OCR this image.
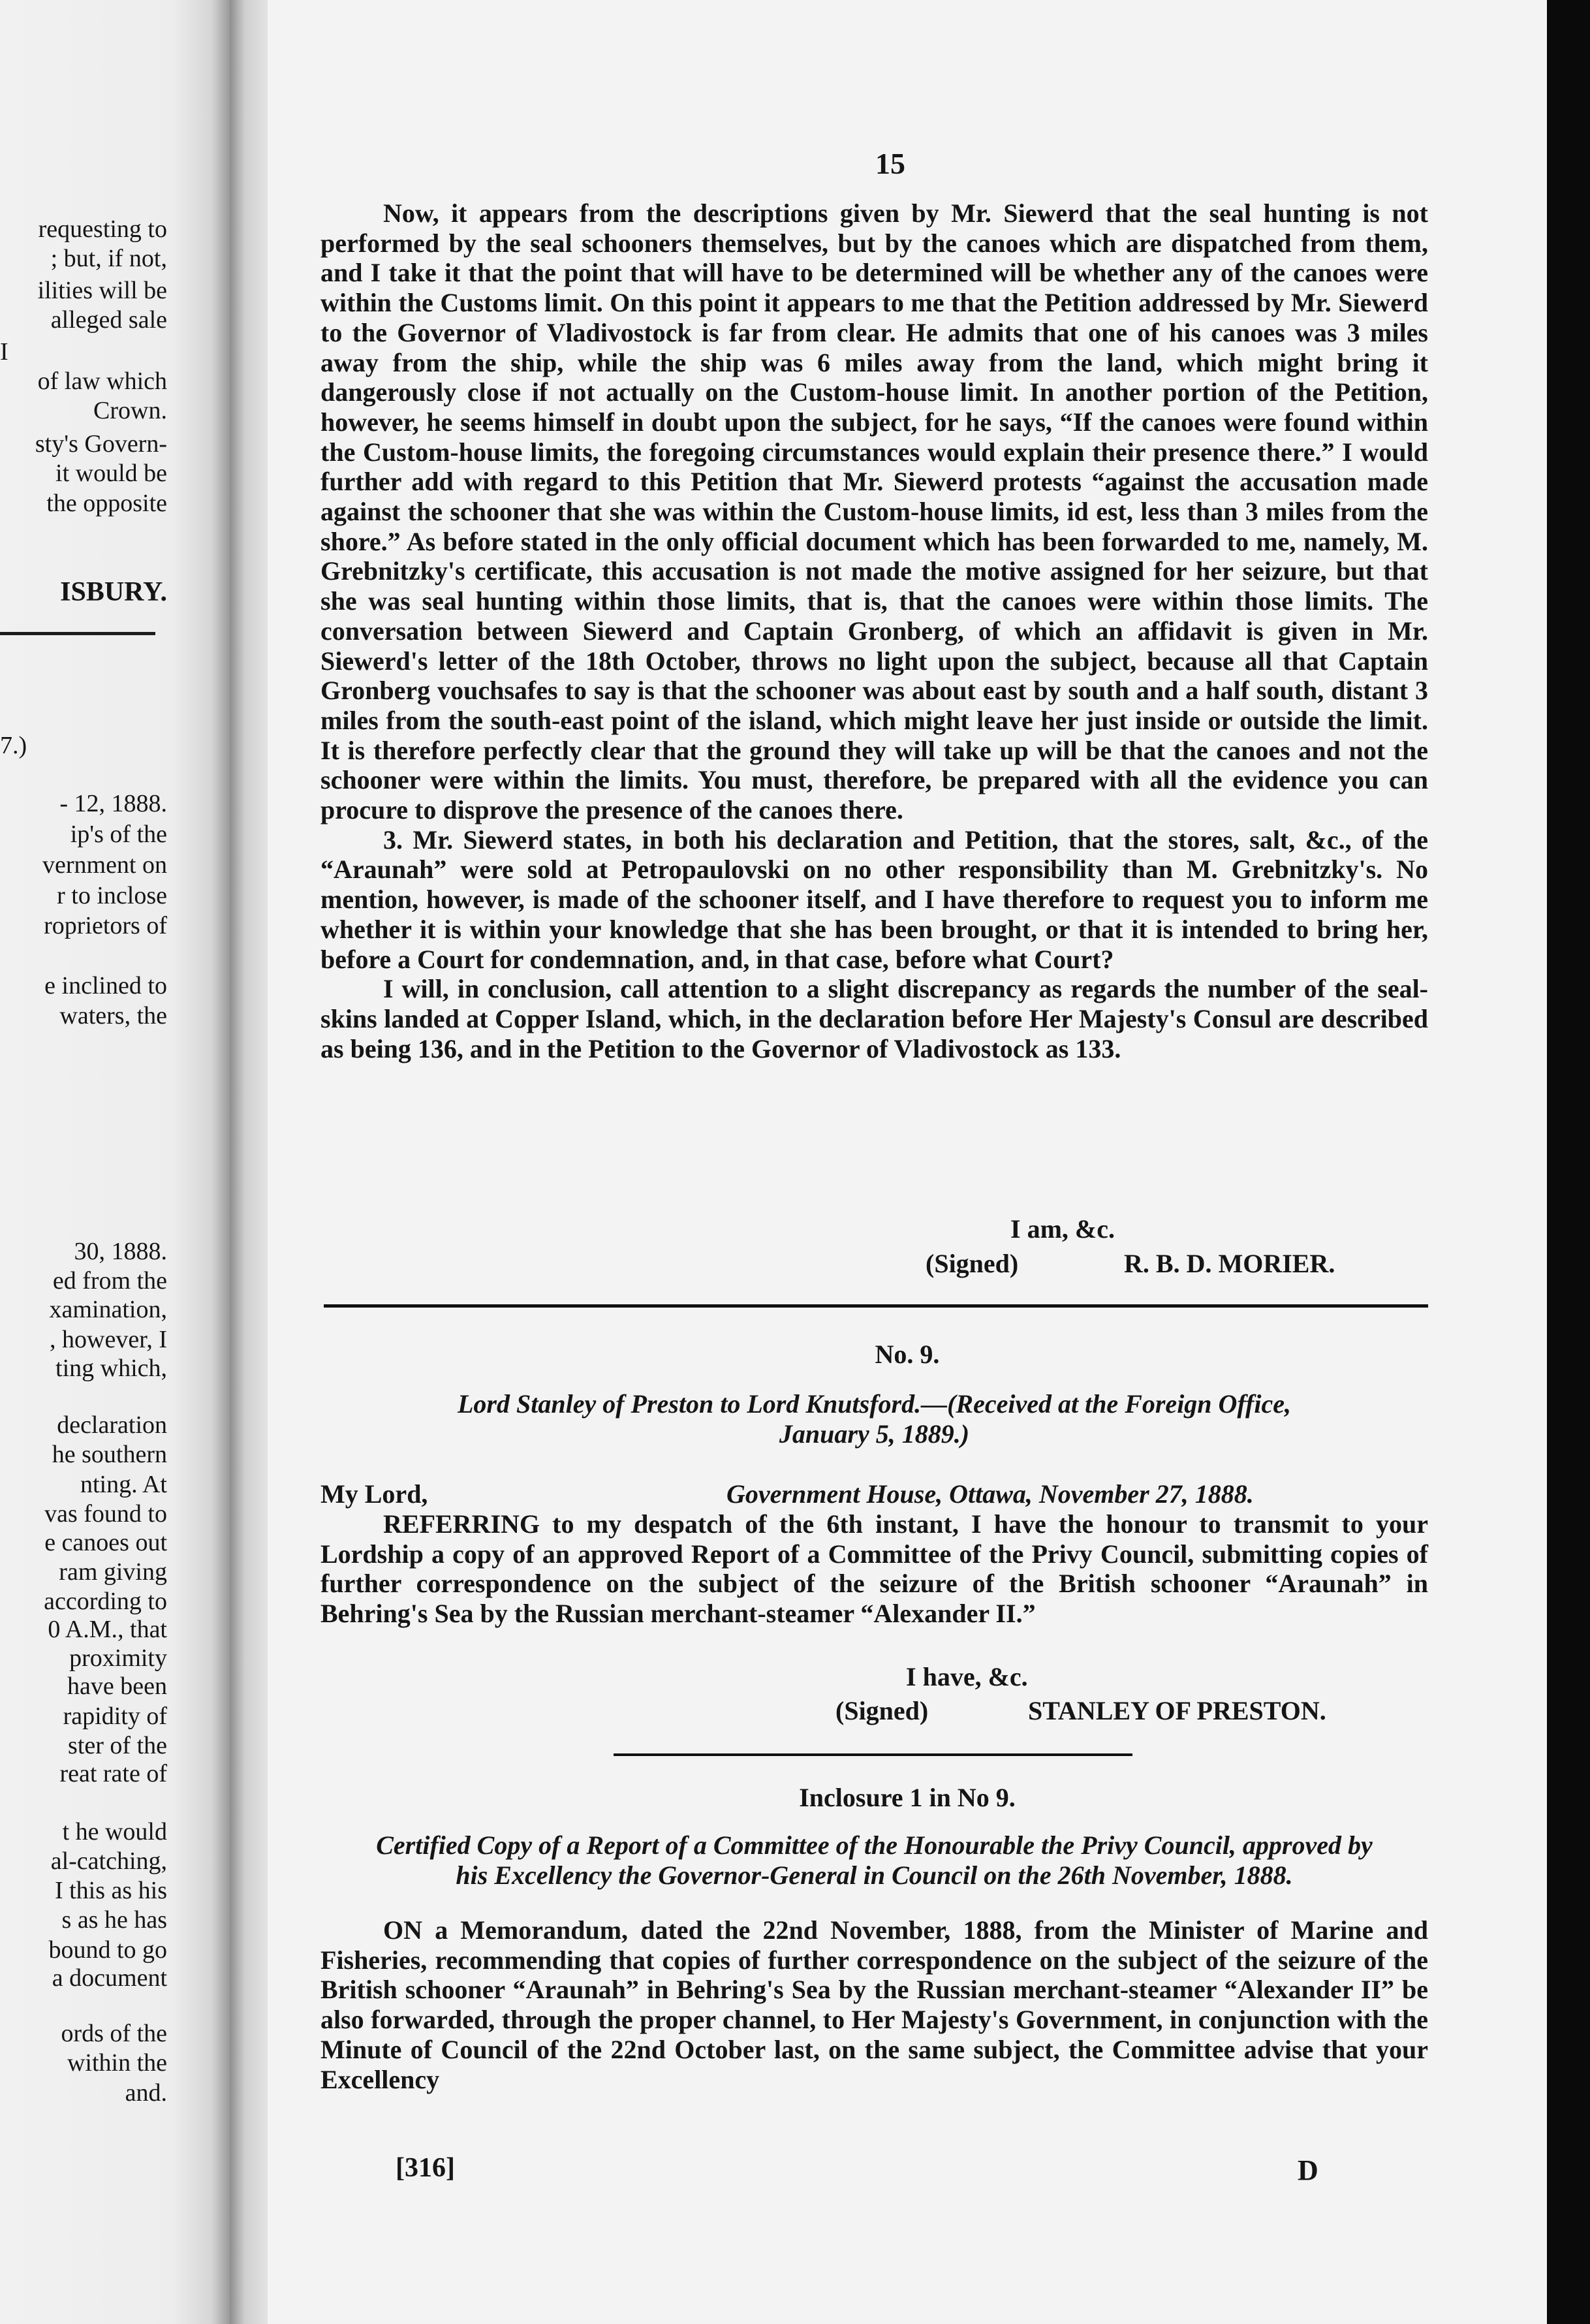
requesting to
; but, if not,
ilities will be
alleged sale
I
of law which
Crown.
sty's Govern-
it would be
the opposite
ISBURY.
7.)
- 12, 1888.
ip's of the
vernment on
r to inclose
roprietors of
e inclined to
waters, the
30, 1888.
ed from the
xamination,
, however, I
ting which,
declaration
he southern
nting. At
vas found to
e canoes out
ram giving
according to
0 A.M., that
proximity
have been
rapidity of
ster of the
reat rate of
t he would
al-catching,
I this as his
s as he has
bound to go
a document
ords of the
within the
and.
15

Now, it appears from the descriptions given by Mr. Siewerd that the seal hunting is not performed by the seal schooners themselves, but by the canoes which are dispatched from them, and I take it that the point that will have to be determined will be whether any of the canoes were within the Customs limit. On this point it appears to me that the Petition addressed by Mr. Siewerd to the Governor of Vladivostock is far from clear. He admits that one of his canoes was 3 miles away from the ship, while the ship was 6 miles away from the land, which might bring it dangerously close if not actually on the Custom-house limit. In another portion of the Petition, however, he seems himself in doubt upon the subject, for he says, “If the canoes were found within the Custom-house limits, the foregoing circumstances would explain their presence there.” I would further add with regard to this Petition that Mr. Siewerd protests “against the accusation made against the schooner that she was within the Custom-house limits, id est, less than 3 miles from the shore.” As before stated in the only official document which has been forwarded to me, namely, M. Grebnitzky's certificate, this accusation is not made the motive assigned for her seizure, but that she was seal hunting within those limits, that is, that the canoes were within those limits. The conversation between Siewerd and Captain Gronberg, of which an affidavit is given in Mr. Siewerd's letter of the 18th October, throws no light upon the subject, because all that Captain Gronberg vouchsafes to say is that the schooner was about east by south and a half south, distant 3 miles from the south-east point of the island, which might leave her just inside or outside the limit. It is therefore perfectly clear that the ground they will take up will be that the canoes and not the schooner were within the limits. You must, therefore, be prepared with all the evidence you can procure to disprove the presence of the canoes there.

3. Mr. Siewerd states, in both his declaration and Petition, that the stores, salt, &c., of the “Araunah” were sold at Petropaulovski on no other responsibility than M. Grebnitzky's. No mention, however, is made of the schooner itself, and I have therefore to request you to inform me whether it is within your knowledge that she has been brought, or that it is intended to bring her, before a Court for condemnation, and, in that case, before what Court?

I will, in conclusion, call attention to a slight discrepancy as regards the number of the seal-skins landed at Copper Island, which, in the declaration before Her Majesty's Consul are described as being 136, and in the Petition to the Governor of Vladivostock as 133.

I am, &c.
(Signed)	R. B. D. MORIER.
No. 9.
Lord Stanley of Preston to Lord Knutsford.—(Received at the Foreign Office,
January 5, 1889.)
My Lord,	Government House, Ottawa, November 27, 1888.

REFERRING to my despatch of the 6th instant, I have the honour to transmit to your Lordship a copy of an approved Report of a Committee of the Privy Council, submitting copies of further correspondence on the subject of the seizure of the British schooner “Araunah” in Behring's Sea by the Russian merchant-steamer “Alexander II.”

I have, &c.
(Signed)	STANLEY OF PRESTON.
Inclosure 1 in No 9.
Certified Copy of a Report of a Committee of the Honourable the Privy Council, approved by
his Excellency the Governor-General in Council on the 26th November, 1888.

ON a Memorandum, dated the 22nd November, 1888, from the Minister of Marine and Fisheries, recommending that copies of further correspondence on the subject of the seizure of the British schooner “Araunah” in Behring's Sea by the Russian merchant-steamer “Alexander II” be also forwarded, through the proper channel, to Her Majesty's Government, in conjunction with the Minute of Council of the 22nd October last, on the same subject, the Committee advise that your Excellency

[316]	D
